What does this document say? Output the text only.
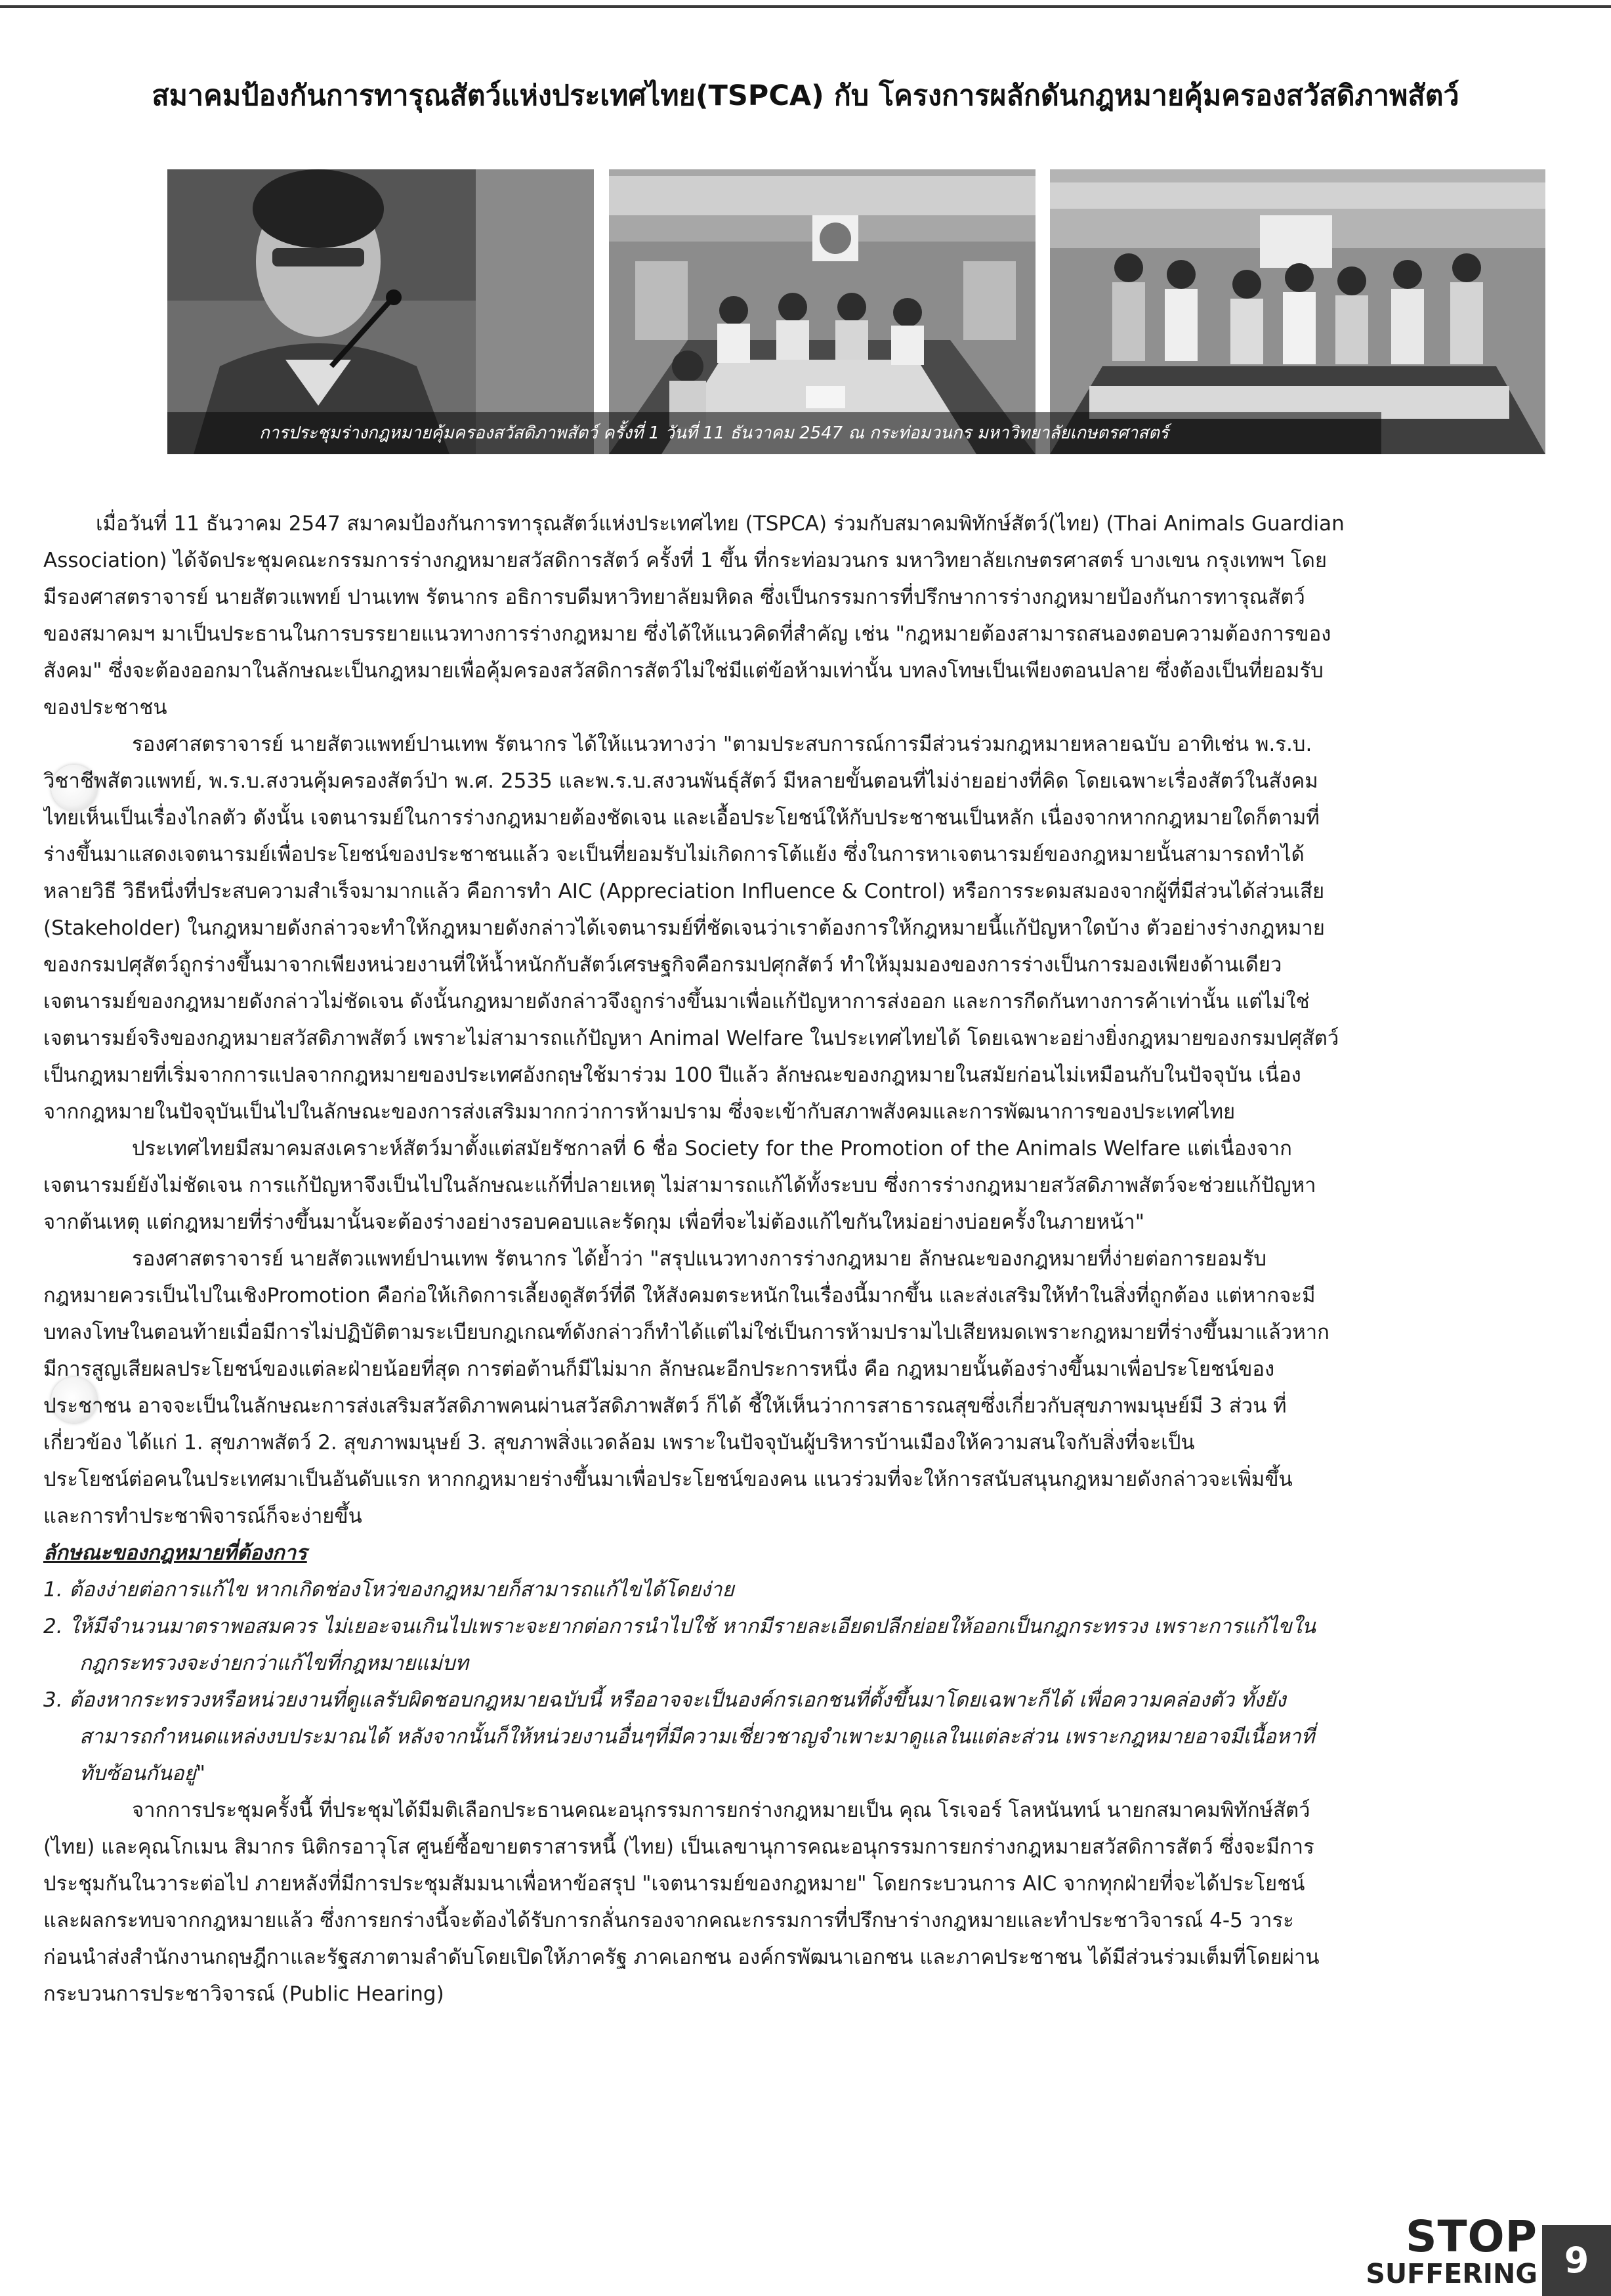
สมาคมป้องกันการทารุณสัตว์แห่งประเทศไทย(TSPCA) กับ โครงการผลักดันกฎหมายคุ้มครองสวัสดิภาพสัตว์
การประชุมร่างกฎหมายคุ้มครองสวัสดิภาพสัตว์ ครั้งที่ 1 วันที่ 11 ธันวาคม 2547 ณ กระท่อมวนกร มหาวิทยาลัยเกษตรศาสตร์
เมื่อวันที่ 11 ธันวาคม 2547 สมาคมป้องกันการทารุณสัตว์แห่งประเทศไทย (TSPCA) ร่วมกับสมาคมพิทักษ์สัตว์(ไทย) (Thai Animals Guardian
Association) ได้จัดประชุมคณะกรรมการร่างกฎหมายสวัสดิการสัตว์ ครั้งที่ 1 ขึ้น ที่กระท่อมวนกร มหาวิทยาลัยเกษตรศาสตร์ บางเขน กรุงเทพฯ โดย
มีรองศาสตราจารย์ นายสัตวแพทย์ ปานเทพ รัตนากร อธิการบดีมหาวิทยาลัยมหิดล ซึ่งเป็นกรรมการที่ปรึกษาการร่างกฎหมายป้องกันการทารุณสัตว์
ของสมาคมฯ มาเป็นประธานในการบรรยายแนวทางการร่างกฎหมาย ซึ่งได้ให้แนวคิดที่สำคัญ เช่น "กฎหมายต้องสามารถสนองตอบความต้องการของ
สังคม" ซึ่งจะต้องออกมาในลักษณะเป็นกฎหมายเพื่อคุ้มครองสวัสดิการสัตว์ไม่ใช่มีแต่ข้อห้ามเท่านั้น บทลงโทษเป็นเพียงตอนปลาย ซึ่งต้องเป็นที่ยอมรับ
ของประชาชน
รองศาสตราจารย์ นายสัตวแพทย์ปานเทพ รัตนากร ได้ให้แนวทางว่า "ตามประสบการณ์การมีส่วนร่วมกฎหมายหลายฉบับ อาทิเช่น พ.ร.บ.
วิชาชีพสัตวแพทย์, พ.ร.บ.สงวนคุ้มครองสัตว์ป่า พ.ศ. 2535 และพ.ร.บ.สงวนพันธุ์สัตว์ มีหลายขั้นตอนที่ไม่ง่ายอย่างที่คิด โดยเฉพาะเรื่องสัตว์ในสังคม
ไทยเห็นเป็นเรื่องไกลตัว ดังนั้น เจตนารมย์ในการร่างกฎหมายต้องชัดเจน และเอื้อประโยชน์ให้กับประชาชนเป็นหลัก เนื่องจากหากกฎหมายใดก็ตามที่
ร่างขึ้นมาแสดงเจตนารมย์เพื่อประโยชน์ของประชาชนแล้ว จะเป็นที่ยอมรับไม่เกิดการโต้แย้ง ซึ่งในการหาเจตนารมย์ของกฎหมายนั้นสามารถทำได้
หลายวิธี วิธีหนึ่งที่ประสบความสำเร็จมามากแล้ว คือการทำ AIC (Appreciation Influence & Control) หรือการระดมสมองจากผู้ที่มีส่วนได้ส่วนเสีย
(Stakeholder) ในกฎหมายดังกล่าวจะทำให้กฎหมายดังกล่าวได้เจตนารมย์ที่ชัดเจนว่าเราต้องการให้กฎหมายนี้แก้ปัญหาใดบ้าง ตัวอย่างร่างกฎหมาย
ของกรมปศุสัตว์ถูกร่างขึ้นมาจากเพียงหน่วยงานที่ให้น้ำหนักกับสัตว์เศรษฐกิจคือกรมปศุกสัตว์ ทำให้มุมมองของการร่างเป็นการมองเพียงด้านเดียว
เจตนารมย์ของกฎหมายดังกล่าวไม่ชัดเจน ดังนั้นกฎหมายดังกล่าวจึงถูกร่างขึ้นมาเพื่อแก้ปัญหาการส่งออก และการกีดกันทางการค้าเท่านั้น แต่ไม่ใช่
เจตนารมย์จริงของกฎหมายสวัสดิภาพสัตว์ เพราะไม่สามารถแก้ปัญหา Animal Welfare ในประเทศไทยได้ โดยเฉพาะอย่างยิ่งกฎหมายของกรมปศุสัตว์
เป็นกฎหมายที่เริ่มจากการแปลจากกฎหมายของประเทศอังกฤษใช้มาร่วม 100 ปีแล้ว ลักษณะของกฎหมายในสมัยก่อนไม่เหมือนกับในปัจจุบัน เนื่อง
จากกฎหมายในปัจจุบันเป็นไปในลักษณะของการส่งเสริมมากกว่าการห้ามปราม ซึ่งจะเข้ากับสภาพสังคมและการพัฒนาการของประเทศไทย
ประเทศไทยมีสมาคมสงเคราะห์สัตว์มาตั้งแต่สมัยรัชกาลที่ 6 ชื่อ Society for the Promotion of the Animals Welfare แต่เนื่องจาก
เจตนารมย์ยังไม่ชัดเจน การแก้ปัญหาจึงเป็นไปในลักษณะแก้ที่ปลายเหตุ ไม่สามารถแก้ได้ทั้งระบบ ซึ่งการร่างกฎหมายสวัสดิภาพสัตว์จะช่วยแก้ปัญหา
จากต้นเหตุ แต่กฎหมายที่ร่างขึ้นมานั้นจะต้องร่างอย่างรอบคอบและรัดกุม เพื่อที่จะไม่ต้องแก้ไขกันใหม่อย่างบ่อยครั้งในภายหน้า"
รองศาสตราจารย์ นายสัตวแพทย์ปานเทพ รัตนากร ได้ย้ำว่า "สรุปแนวทางการร่างกฎหมาย ลักษณะของกฎหมายที่ง่ายต่อการยอมรับ
กฎหมายควรเป็นไปในเชิงPromotion คือก่อให้เกิดการเลี้ยงดูสัตว์ที่ดี ให้สังคมตระหนักในเรื่องนี้มากขึ้น และส่งเสริมให้ทำในสิ่งที่ถูกต้อง แต่หากจะมี
บทลงโทษในตอนท้ายเมื่อมีการไม่ปฏิบัติตามระเบียบกฎเกณฑ์ดังกล่าวก็ทำได้แต่ไม่ใช่เป็นการห้ามปรามไปเสียหมดเพราะกฎหมายที่ร่างขึ้นมาแล้วหาก
มีการสูญเสียผลประโยชน์ของแต่ละฝ่ายน้อยที่สุด การต่อต้านก็มีไม่มาก ลักษณะอีกประการหนึ่ง คือ กฎหมายนั้นต้องร่างขึ้นมาเพื่อประโยชน์ของ
ประชาชน อาจจะเป็นในลักษณะการส่งเสริมสวัสดิภาพคนผ่านสวัสดิภาพสัตว์ ก็ได้ ชี้ให้เห็นว่าการสาธารณสุขซึ่งเกี่ยวกับสุขภาพมนุษย์มี 3 ส่วน ที่
เกี่ยวข้อง ได้แก่ 1. สุขภาพสัตว์ 2. สุขภาพมนุษย์ 3. สุขภาพสิ่งแวดล้อม เพราะในปัจจุบันผู้บริหารบ้านเมืองให้ความสนใจกับสิ่งที่จะเป็น
ประโยชน์ต่อคนในประเทศมาเป็นอันดับแรก หากกฎหมายร่างขึ้นมาเพื่อประโยชน์ของคน แนวร่วมที่จะให้การสนับสนุนกฎหมายดังกล่าวจะเพิ่มขึ้น
และการทำประชาพิจารณ์ก็จะง่ายขึ้น
ลักษณะของกฎหมายที่ต้องการ
1. ต้องง่ายต่อการแก้ไข หากเกิดช่องโหว่ของกฎหมายก็สามารถแก้ไขได้โดยง่าย
2. ให้มีจำนวนมาตราพอสมควร ไม่เยอะจนเกินไปเพราะจะยากต่อการนำไปใช้ หากมีรายละเอียดปลีกย่อยให้ออกเป็นกฎกระทรวง เพราะการแก้ไขใน
กฎกระทรวงจะง่ายกว่าแก้ไขที่กฎหมายแม่บท
3. ต้องหากระทรวงหรือหน่วยงานที่ดูแลรับผิดชอบกฎหมายฉบับนี้ หรืออาจจะเป็นองค์กรเอกชนที่ตั้งขึ้นมาโดยเฉพาะก็ได้ เพื่อความคล่องตัว ทั้งยัง
สามารถกำหนดแหล่งงบประมาณได้ หลังจากนั้นก็ให้หน่วยงานอื่นๆที่มีความเชี่ยวชาญจำเพาะมาดูแลในแต่ละส่วน เพราะกฎหมายอาจมีเนื้อหาที่
ทับซ้อนกันอยู่"
จากการประชุมครั้งนี้ ที่ประชุมได้มีมติเลือกประธานคณะอนุกรรมการยกร่างกฎหมายเป็น คุณ โรเจอร์ โลหนันทน์ นายกสมาคมพิทักษ์สัตว์
(ไทย) และคุณโกเมน สิมากร นิติกรอาวุโส ศูนย์ซื้อขายตราสารหนี้ (ไทย) เป็นเลขานุการคณะอนุกรรมการยกร่างกฎหมายสวัสดิการสัตว์ ซึ่งจะมีการ
ประชุมกันในวาระต่อไป ภายหลังที่มีการประชุมสัมมนาเพื่อหาข้อสรุป "เจตนารมย์ของกฎหมาย" โดยกระบวนการ AIC จากทุกฝ่ายที่จะได้ประโยชน์
และผลกระทบจากกฎหมายแล้ว ซึ่งการยกร่างนี้จะต้องได้รับการกลั่นกรองจากคณะกรรมการที่ปรึกษาร่างกฎหมายและทำประชาวิจารณ์ 4-5 วาระ
ก่อนนำส่งสำนักงานกฤษฎีกาและรัฐสภาตามลำดับโดยเปิดให้ภาครัฐ ภาคเอกชน องค์กรพัฒนาเอกชน และภาคประชาชน ได้มีส่วนร่วมเต็มที่โดยผ่าน
กระบวนการประชาวิจารณ์ (Public Hearing)
STOP
SUFFERING 9
